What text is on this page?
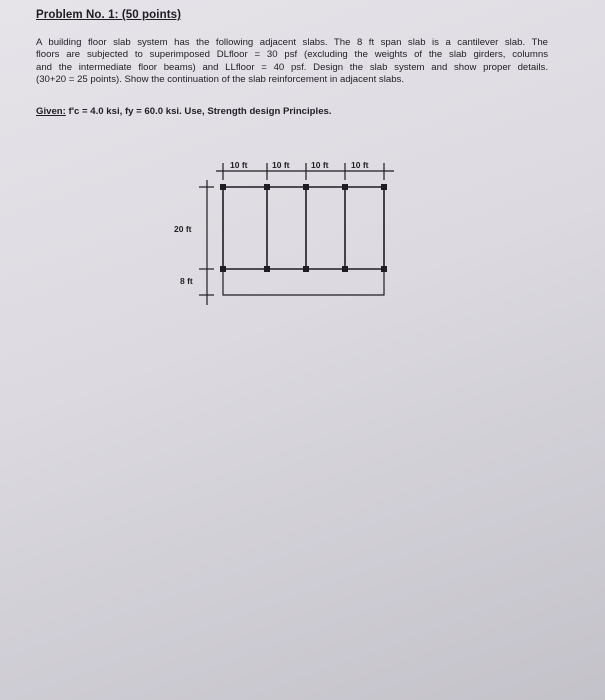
Problem No. 1: (50 points)
A building floor slab system has the following adjacent slabs. The 8 ft span slab is a cantilever slab. The
floors are subjected to superimposed DLfloor = 30 psf (excluding the weights of the slab girders, columns
and the intermediate floor beams) and LLfloor = 40 psf. Design the slab system and show proper details.
(30+20 = 25 points). Show the continuation of the slab reinforcement in adjacent slabs.
Given: f'c = 4.0 ksi, fy = 60.0 ksi. Use, Strength design Principles.
10 ft	10 ft	10 ft	10 ft
20 ft
8 ft
